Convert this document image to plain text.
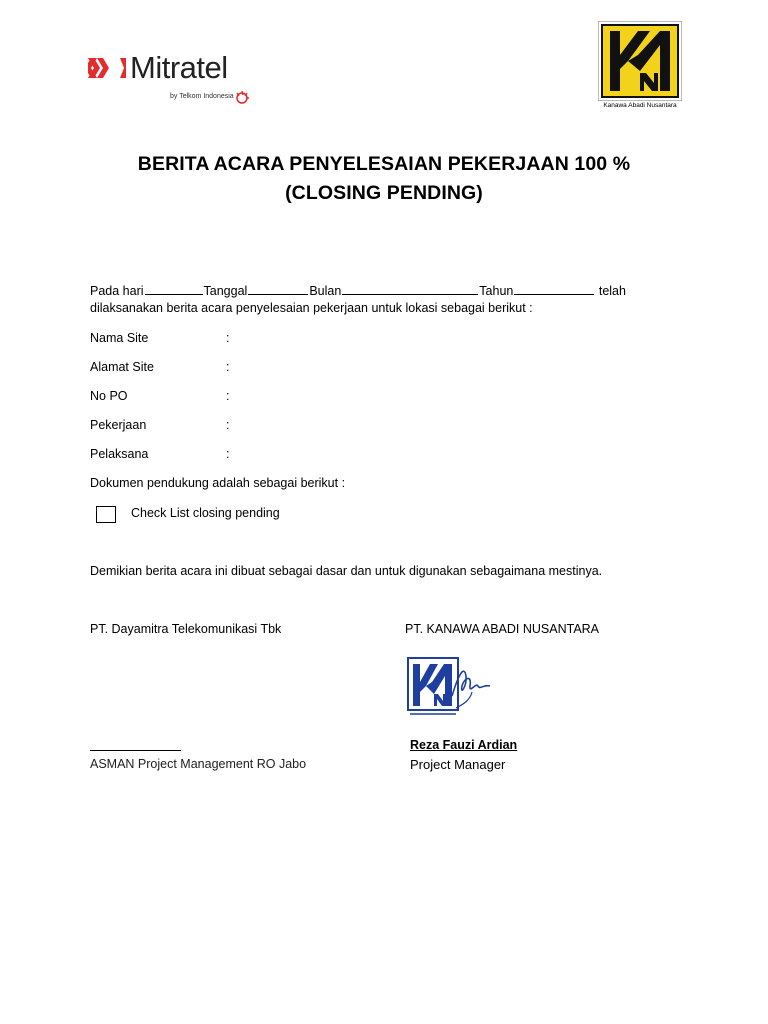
Mitratel
by Telkom Indonesia
Kanawa Abadi Nusantara
BERITA ACARA PENYELESAIAN PEKERJAAN 100 %
(CLOSING PENDING)
Pada hari	Tanggal	Bulan	Tahun	telah
dilaksanakan berita acara penyelesaian pekerjaan untuk lokasi sebagai berikut :
Nama Site	:
Alamat Site	:
No PO	:
Pekerjaan	:
Pelaksana	:
Dokumen pendukung adalah sebagai berikut :
Check List closing pending
Demikian berita acara ini dibuat sebagai dasar dan untuk digunakan sebagaimana mestinya.
PT. Dayamitra Telekomunikasi Tbk	PT. KANAWA ABADI NUSANTARA
ASMAN Project Management RO Jabo
Reza Fauzi Ardian
Project Manager
